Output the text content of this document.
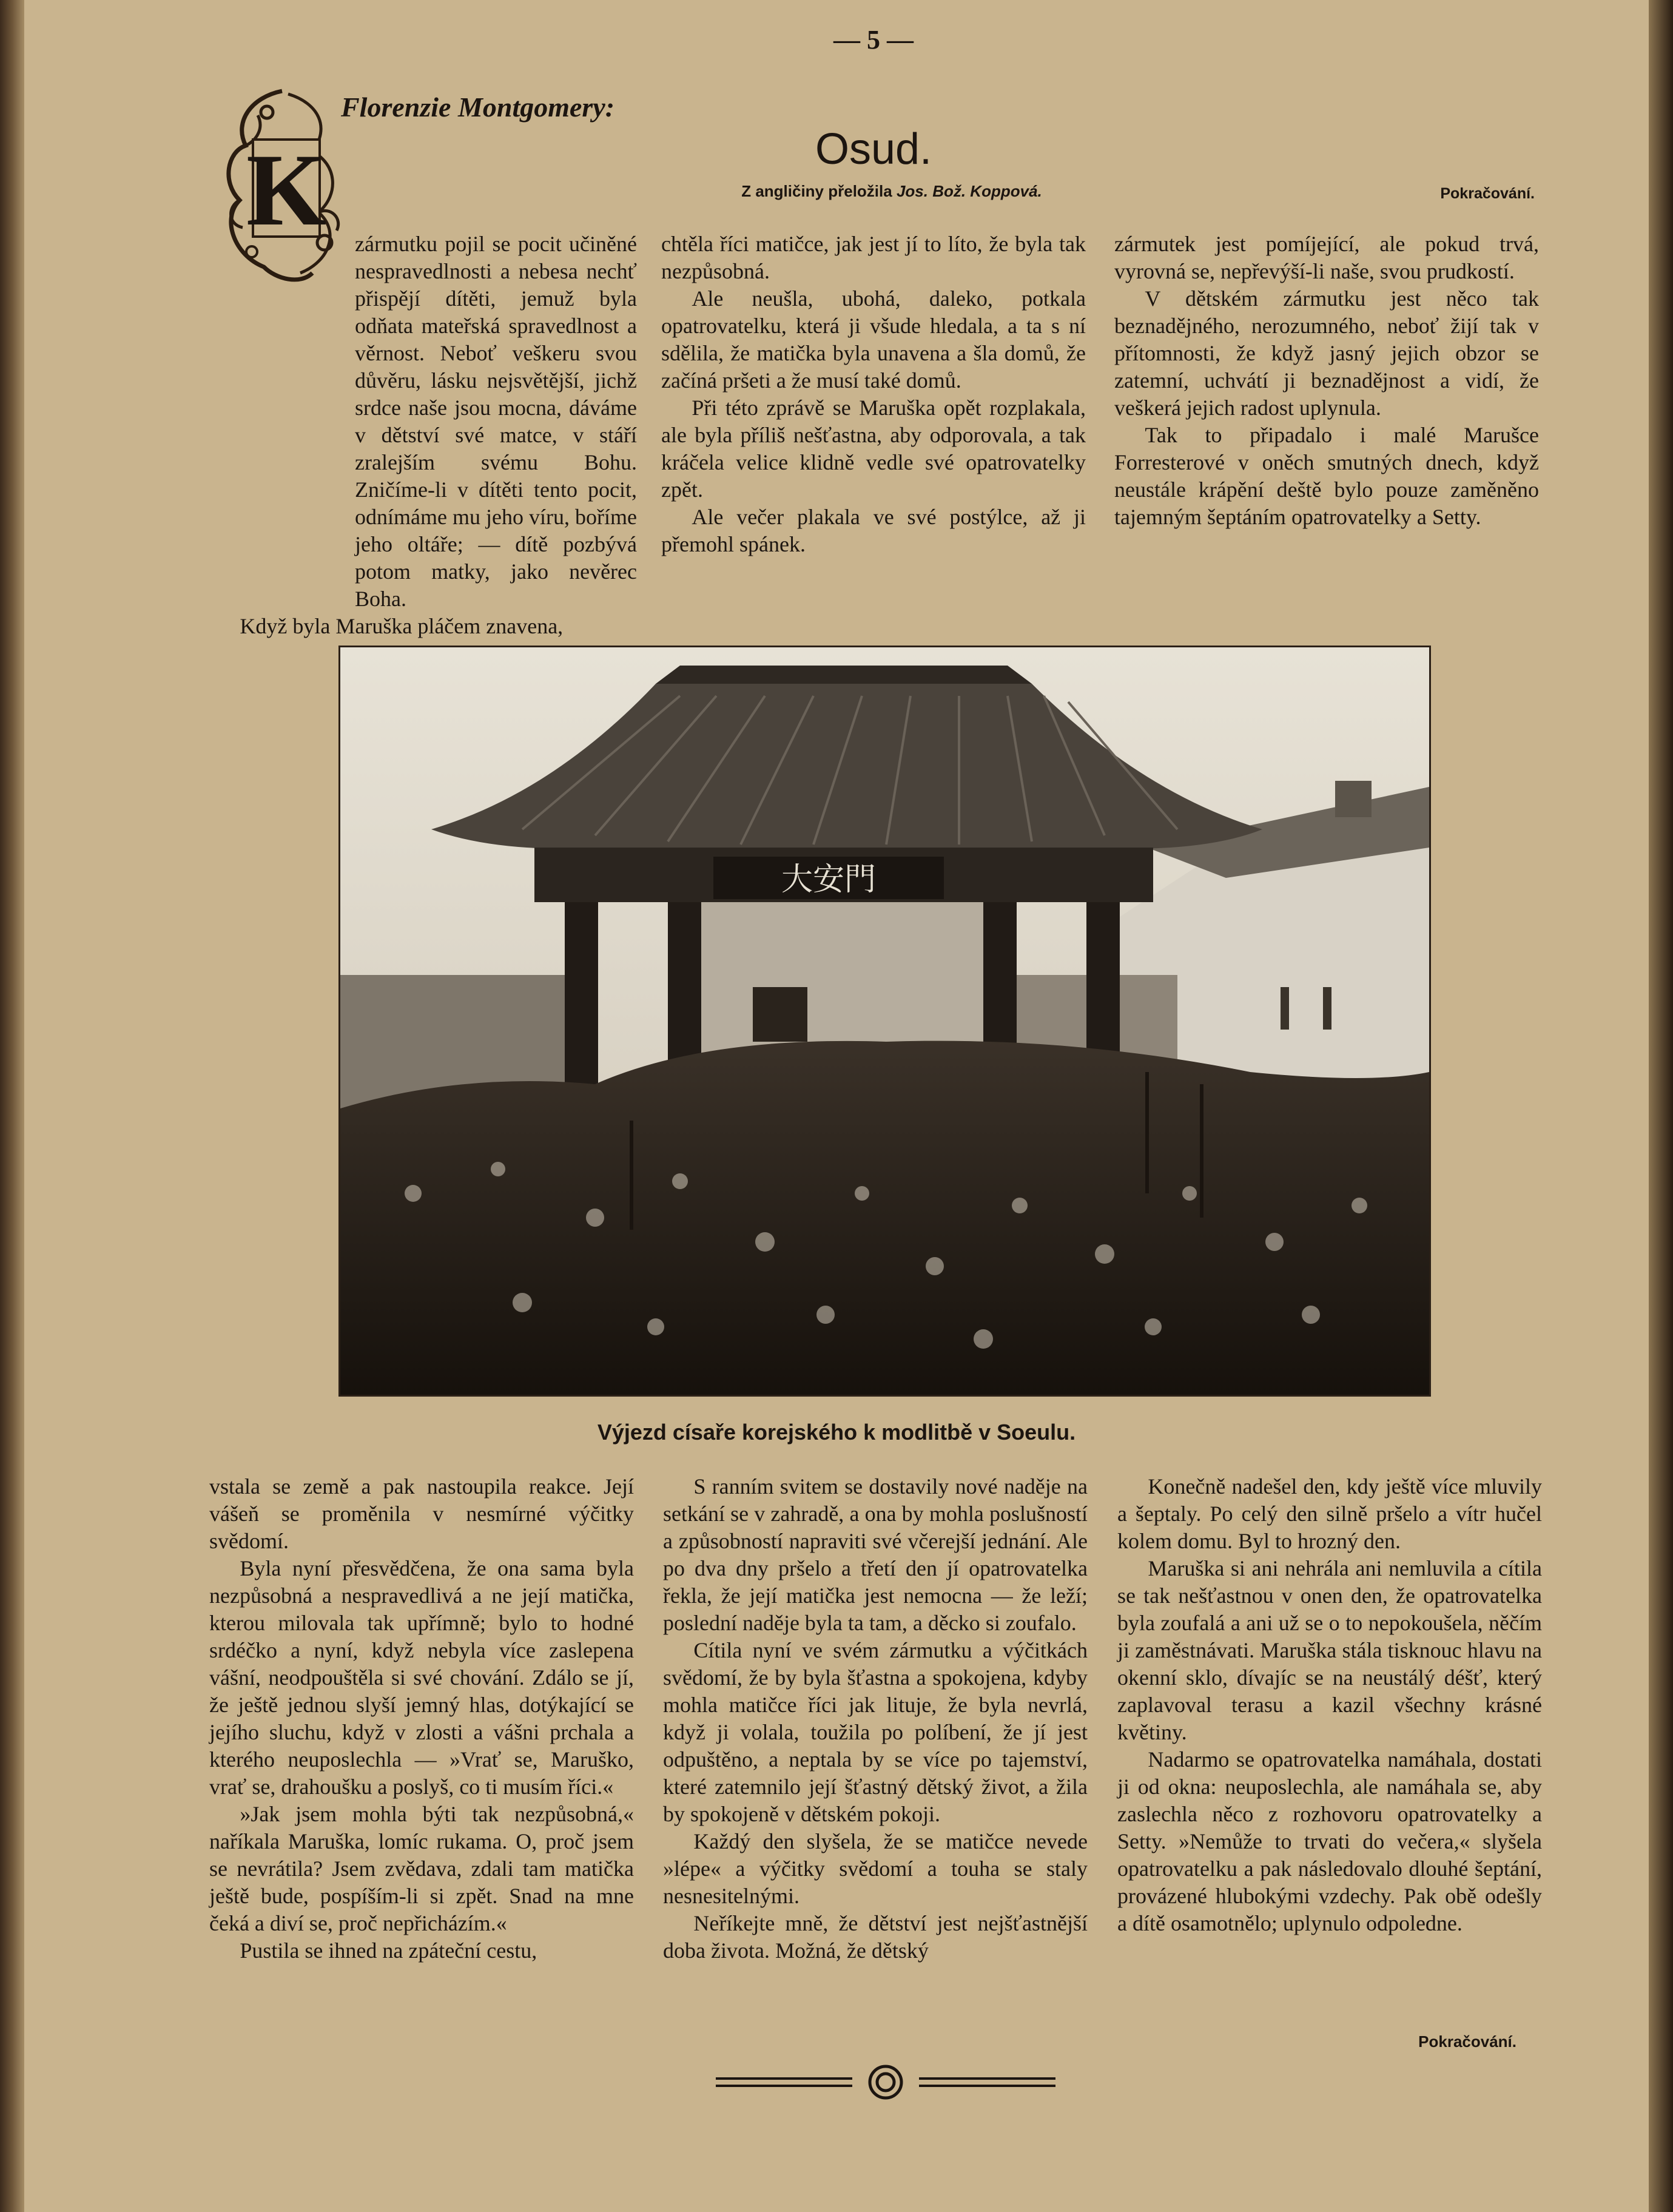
— 5 —
Florenzie Montgomery:
Osud.
Z angličiny přeložila Jos. Bož. Koppová.	Pokračování.
K	zármutku pojil se pocit učiněné nespravedlnosti a nebesa nechť přispějí dítěti, jemuž byla odňata mateřská spravedlnost a věrnost. Neboť veškeru svou důvěru, lásku nejsvětější, jichž srdce naše jsou mocna, dáváme v dětství své matce, v stáří zralejším svému Bohu. Zničíme-li v dítěti tento pocit, odnímáme mu jeho víru, boříme jeho oltáře; — dítě pozbývá potom matky, jako nevěrec Boha.

Když byla Maruška pláčem znavena,

chtěla říci matičce, jak jest jí to líto, že byla tak nezpůsobná.

Ale neušla, ubohá, daleko, potkala opatrovatelku, která ji všude hledala, a ta s ní sdělila, že matička byla unavena a šla domů, že začíná pršeti a že musí také domů.

Při této zprávě se Maruška opět rozplakala, ale byla příliš nešťastna, aby odporovala, a tak kráčela velice klidně vedle své opatrovatelky zpět.

Ale večer plakala ve své postýlce, až ji přemohl spánek.

zármutek jest pomíjející, ale pokud trvá, vyrovná se, nepřevýší-li naše, svou prudkostí.

V dětském zármutku jest něco tak beznadějného, nerozumného, neboť žijí tak v přítomnosti, že když jasný jejich obzor se zatemní, uchvátí ji beznadějnost a vidí, že veškerá jejich radost uplynula.

Tak to připadalo i malé Marušce Forresterové v oněch smutných dnech, když neustále krápění deště bylo pouze zaměněno tajemným šeptáním opatrovatelky a Setty.

大安門
Výjezd císaře korejského k modlitbě v Soeulu.

vstala se země a pak nastoupila reakce. Její vášeň se proměnila v nesmírné výčitky svědomí.

Byla nyní přesvědčena, že ona sama byla nezpůsobná a nespravedlivá a ne její matička, kterou milovala tak upřímně; bylo to hodné srdéčko a nyní, když nebyla více zaslepena vášní, neodpouštěla si své chování. Zdálo se jí, že ještě jednou slyší jemný hlas, dotýkající se jejího sluchu, když v zlosti a vášni prchala a kterého neuposlechla — »Vrať se, Maruško, vrať se, drahoušku a poslyš, co ti musím říci.«

»Jak jsem mohla býti tak nezpůsobná,« naříkala Maruška, lomíc rukama. O, proč jsem se nevrátila? Jsem zvědava, zdali tam matička ještě bude, pospíším-li si zpět. Snad na mne čeká a diví se, proč nepřicházím.«

Pustila se ihned na zpáteční cestu,

S ranním svitem se dostavily nové naděje na setkání se v zahradě, a ona by mohla poslušností a způsobností napraviti své včerejší jednání. Ale po dva dny pršelo a třetí den jí opatrovatelka řekla, že její matička jest nemocna — že leží; poslední naděje byla ta tam, a děcko si zoufalo.

Cítila nyní ve svém zármutku a výčitkách svědomí, že by byla šťastna a spokojena, kdyby mohla matičce říci jak lituje, že byla nevrlá, když ji volala, toužila po políbení, že jí jest odpuštěno, a neptala by se více po tajemství, které zatemnilo její šťastný dětský život, a žila by spokojeně v dětském pokoji.

Každý den slyšela, že se matičce nevede »lépe« a výčitky svědomí a touha se staly nesnesitelnými.

Neříkejte mně, že dětství jest nejšťastnější doba života. Možná, že dětský

Konečně nadešel den, kdy ještě více mluvily a šeptaly. Po celý den silně pršelo a vítr hučel kolem domu. Byl to hrozný den.

Maruška si ani nehrála ani nemluvila a cítila se tak nešťastnou v onen den, že opatrovatelka byla zoufalá a ani už se o to nepokoušela, něčím ji zaměstnávati. Maruška stála tisknouc hlavu na okenní sklo, dívajíc se na neustálý déšť, který zaplavoval terasu a kazil všechny krásné květiny.

Nadarmo se opatrovatelka namáhala, dostati ji od okna: neuposlechla, ale namáhala se, aby zaslechla něco z rozhovoru opatrovatelky a Setty. »Nemůže to trvati do večera,« slyšela opatrovatelku a pak následovalo dlouhé šeptání, provázené hlubokými vzdechy. Pak obě odešly a dítě osamotnělo; uplynulo odpoledne.

Pokračování.
